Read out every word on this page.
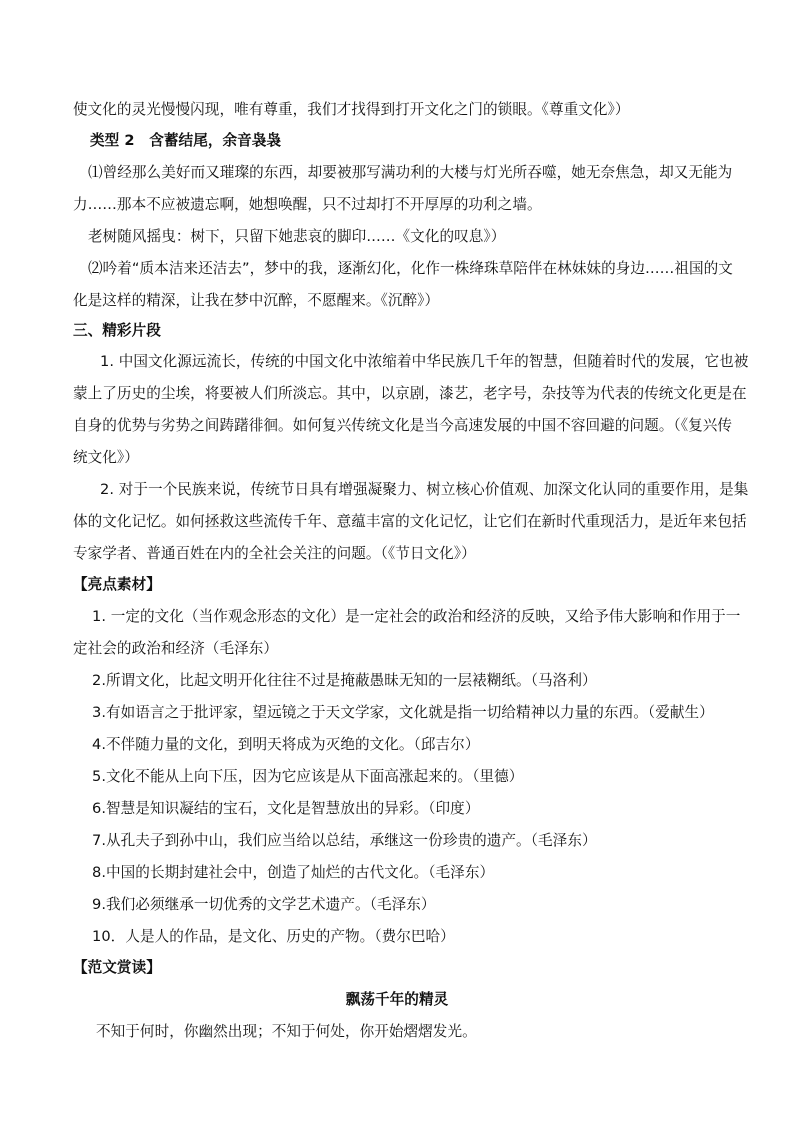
使文化的灵光慢慢闪现，唯有尊重，我们才找得到打开文化之门的锁眼。《尊重文化》）

类型 2　含蓄结尾，余音袅袅

⑴曾经那么美好而又璀璨的东西，却要被那写满功利的大楼与灯光所吞噬，她无奈焦急，却又无能为

力……那本不应被遗忘啊，她想唤醒，只不过却打不开厚厚的功利之墙。

老树随风摇曳：树下，只留下她悲哀的脚印……《文化的叹息》）

⑵吟着“质本洁来还洁去”，梦中的我，逐渐幻化，化作一株绛珠草陪伴在林妹妹的身边……祖国的文

化是这样的精深，让我在梦中沉醉，不愿醒来。《沉醉》）

三、精彩片段

1. 中国文化源远流长，传统的中国文化中浓缩着中华民族几千年的智慧，但随着时代的发展，它也被

蒙上了历史的尘埃，将要被人们所淡忘。其中，以京剧，漆艺，老字号，杂技等为代表的传统文化更是在

自身的优势与劣势之间踌躇徘徊。如何复兴传统文化是当今高速发展的中国不容回避的问题。（《复兴传

统文化》）

2. 对于一个民族来说，传统节日具有增强凝聚力、树立核心价值观、加深文化认同的重要作用，是集

体的文化记忆。如何拯救这些流传千年、意蕴丰富的文化记忆，让它们在新时代重现活力，是近年来包括

专家学者、普通百姓在内的全社会关注的问题。（《节日文化》）

【亮点素材】

1. 一定的文化（当作观念形态的文化）是一定社会的政治和经济的反映，又给予伟大影响和作用于一

定社会的政治和经济（毛泽东）

2.所谓文化，比起文明开化往往不过是掩蔽愚昧无知的一层裱糊纸。（马洛利）

3.有如语言之于批评家，望远镜之于天文学家，文化就是指一切给精神以力量的东西。（爱献生）

4.不伴随力量的文化，到明天将成为灭绝的文化。（邱吉尔）

5.文化不能从上向下压，因为它应该是从下面高涨起来的。（里德）

6.智慧是知识凝结的宝石，文化是智慧放出的异彩。（印度）

7.从孔夫子到孙中山，我们应当给以总结，承继这一份珍贵的遗产。（毛泽东）

8.中国的长期封建社会中，创造了灿烂的古代文化。（毛泽东）

9.我们必须继承一切优秀的文学艺术遗产。（毛泽东）

10．人是人的作品，是文化、历史的产物。（费尔巴哈）

【范文赏读】

飘荡千年的精灵

不知于何时，你幽然出现；不知于何处，你开始熠熠发光。
